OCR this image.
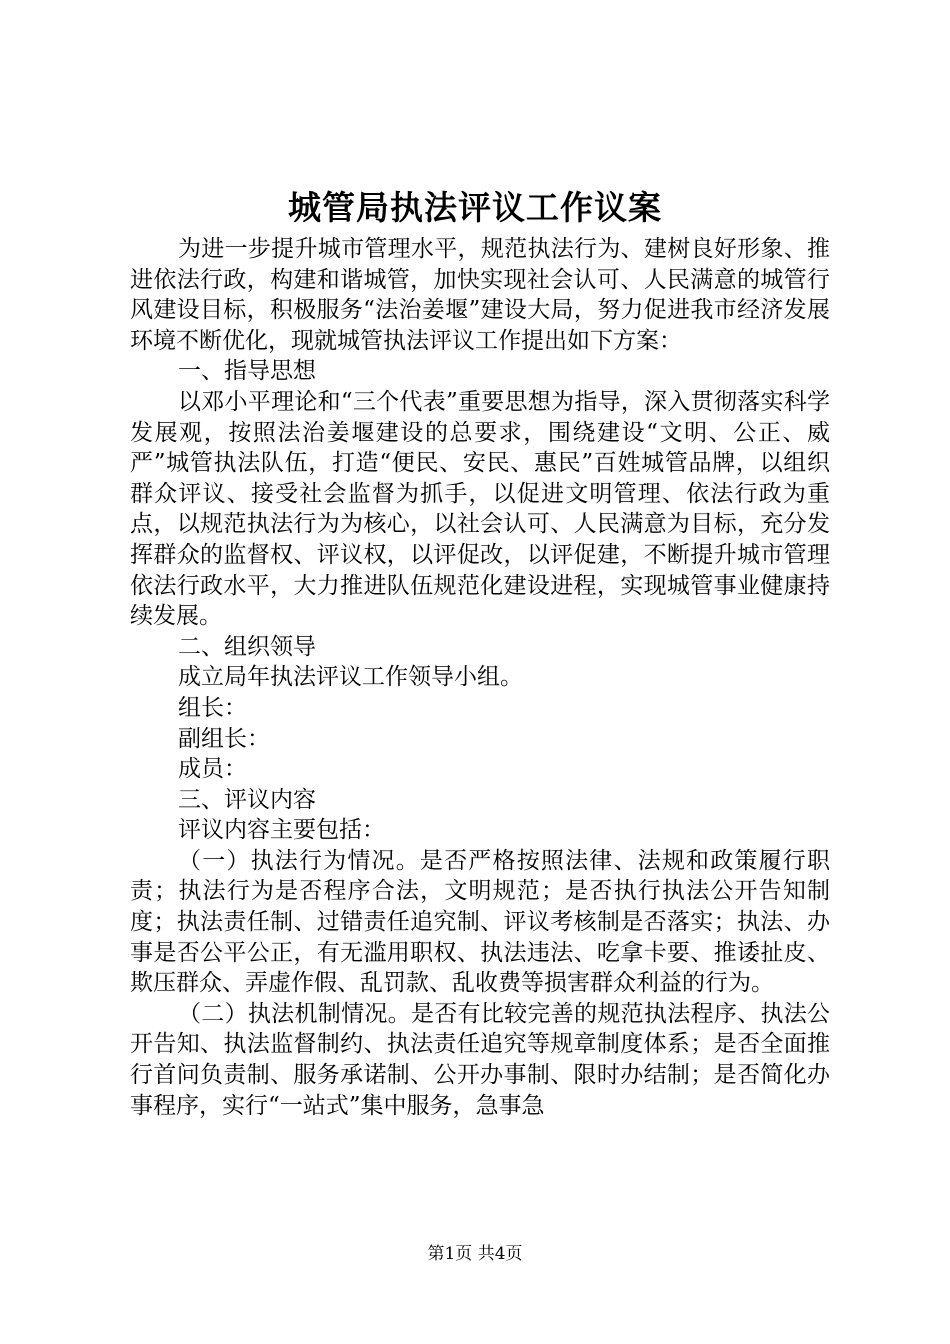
城管局执法评议工作议案

为进一步提升城市管理水平，规范执法行为、建树良好形象、推进依法行政，构建和谐城管，加快实现社会认可、人民满意的城管行风建设目标，积极服务“法治姜堰”建设大局，努力促进我市经济发展环境不断优化，现就城管执法评议工作提出如下方案：

一、指导思想

以邓小平理论和“三个代表”重要思想为指导，深入贯彻落实科学发展观，按照法治姜堰建设的总要求，围绕建设“文明、公正、威严”城管执法队伍，打造“便民、安民、惠民”百姓城管品牌，以组织群众评议、接受社会监督为抓手，以促进文明管理、依法行政为重点，以规范执法行为为核心，以社会认可、人民满意为目标，充分发挥群众的监督权、评议权，以评促改，以评促建，不断提升城市管理依法行政水平，大力推进队伍规范化建设进程，实现城管事业健康持续发展。

二、组织领导

成立局年执法评议工作领导小组。

组长：

副组长：

成员：

三、评议内容

评议内容主要包括：

（一）执法行为情况。是否严格按照法律、法规和政策履行职责；执法行为是否程序合法，文明规范；是否执行执法公开告知制度；执法责任制、过错责任追究制、评议考核制是否落实；执法、办事是否公平公正，有无滥用职权、执法违法、吃拿卡要、推诿扯皮、欺压群众、弄虚作假、乱罚款、乱收费等损害群众利益的行为。

（二）执法机制情况。是否有比较完善的规范执法程序、执法公开告知、执法监督制约、执法责任追究等规章制度体系；是否全面推行首问负责制、服务承诺制、公开办事制、限时办结制；是否简化办事程序，实行“一站式”集中服务，急事急

第1页 共4页
